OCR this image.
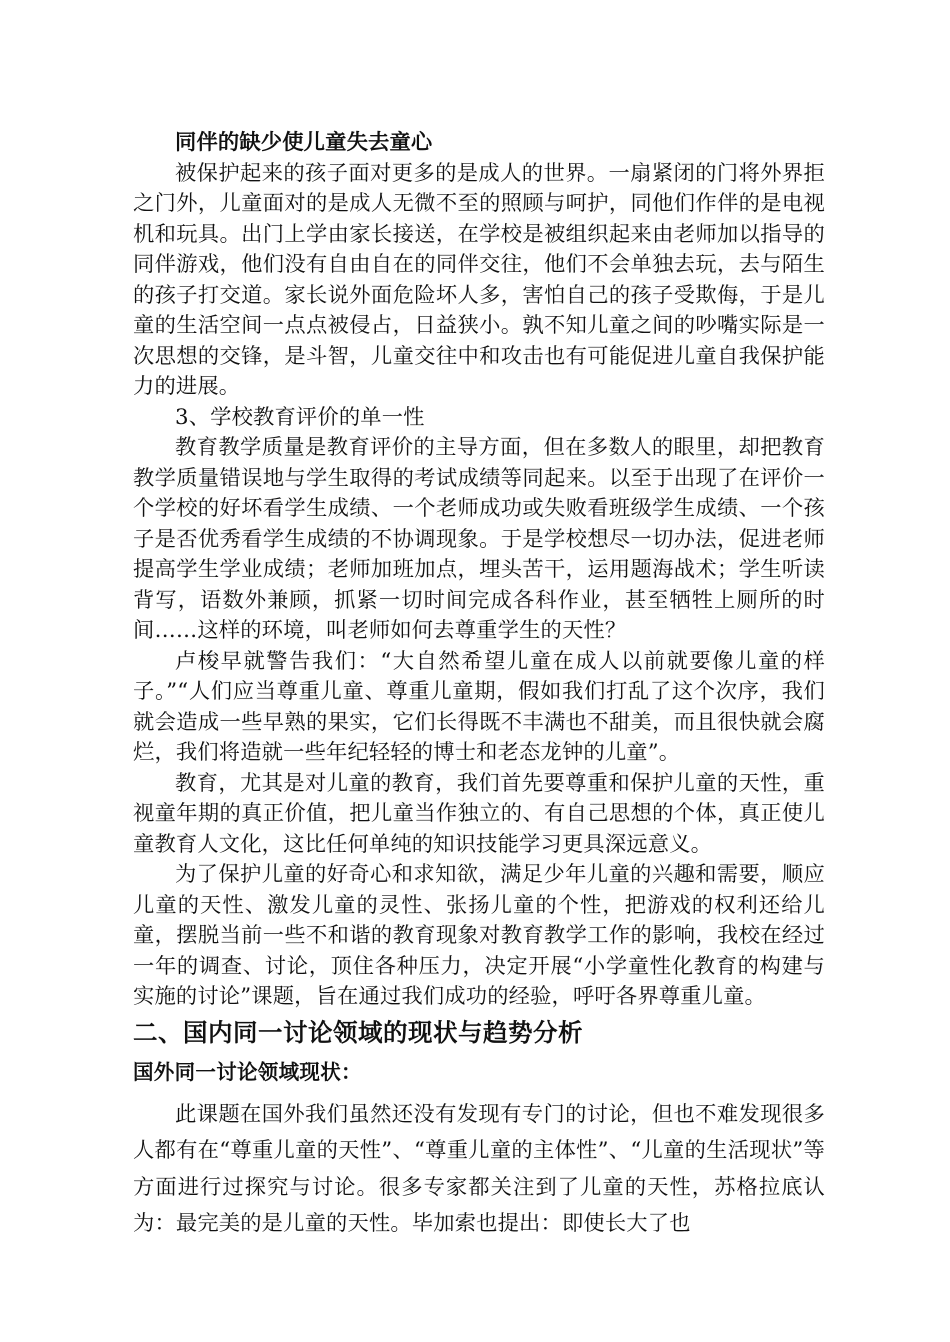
同伴的缺少使儿童失去童心
被保护起来的孩子面对更多的是成人的世界。一扇紧闭的门将外界拒之门外，儿童面对的是成人无微不至的照顾与呵护，同他们作伴的是电视机和玩具。出门上学由家长接送，在学校是被组织起来由老师加以指导的同伴游戏，他们没有自由自在的同伴交往，他们不会单独去玩，去与陌生的孩子打交道。家长说外面危险坏人多，害怕自己的孩子受欺侮，于是儿童的生活空间一点点被侵占，日益狭小。孰不知儿童之间的吵嘴实际是一次思想的交锋，是斗智，儿童交往中和攻击也有可能促进儿童自我保护能力的进展。
3、学校教育评价的单一性
教育教学质量是教育评价的主导方面，但在多数人的眼里，却把教育教学质量错误地与学生取得的考试成绩等同起来。以至于出现了在评价一个学校的好坏看学生成绩、一个老师成功或失败看班级学生成绩、一个孩子是否优秀看学生成绩的不协调现象。于是学校想尽一切办法，促进老师提高学生学业成绩；老师加班加点，埋头苦干，运用题海战术；学生听读背写，语数外兼顾，抓紧一切时间完成各科作业，甚至牺牲上厕所的时间……这样的环境，叫老师如何去尊重学生的天性？
卢梭早就警告我们：“大自然希望儿童在成人以前就要像儿童的样子。”“人们应当尊重儿童、尊重儿童期，假如我们打乱了这个次序，我们就会造成一些早熟的果实，它们长得既不丰满也不甜美，而且很快就会腐烂，我们将造就一些年纪轻轻的博士和老态龙钟的儿童”。
教育，尤其是对儿童的教育，我们首先要尊重和保护儿童的天性，重视童年期的真正价值，把儿童当作独立的、有自己思想的个体，真正使儿童教育人文化，这比任何单纯的知识技能学习更具深远意义。
为了保护儿童的好奇心和求知欲，满足少年儿童的兴趣和需要，顺应儿童的天性、激发儿童的灵性、张扬儿童的个性，把游戏的权利还给儿童，摆脱当前一些不和谐的教育现象对教育教学工作的影响，我校在经过一年的调查、讨论，顶住各种压力，决定开展“小学童性化教育的构建与实施的讨论”课题，旨在通过我们成功的经验，呼吁各界尊重儿童。
二、国内同一讨论领域的现状与趋势分析
国外同一讨论领域现状：
此课题在国外我们虽然还没有发现有专门的讨论，但也不难发现很多人都有在“尊重儿童的天性”、“尊重儿童的主体性”、“儿童的生活现状”等方面进行过探究与讨论。很多专家都关注到了儿童的天性，苏格拉底认为：最完美的是儿童的天性。毕加索也提出：即使长大了也
